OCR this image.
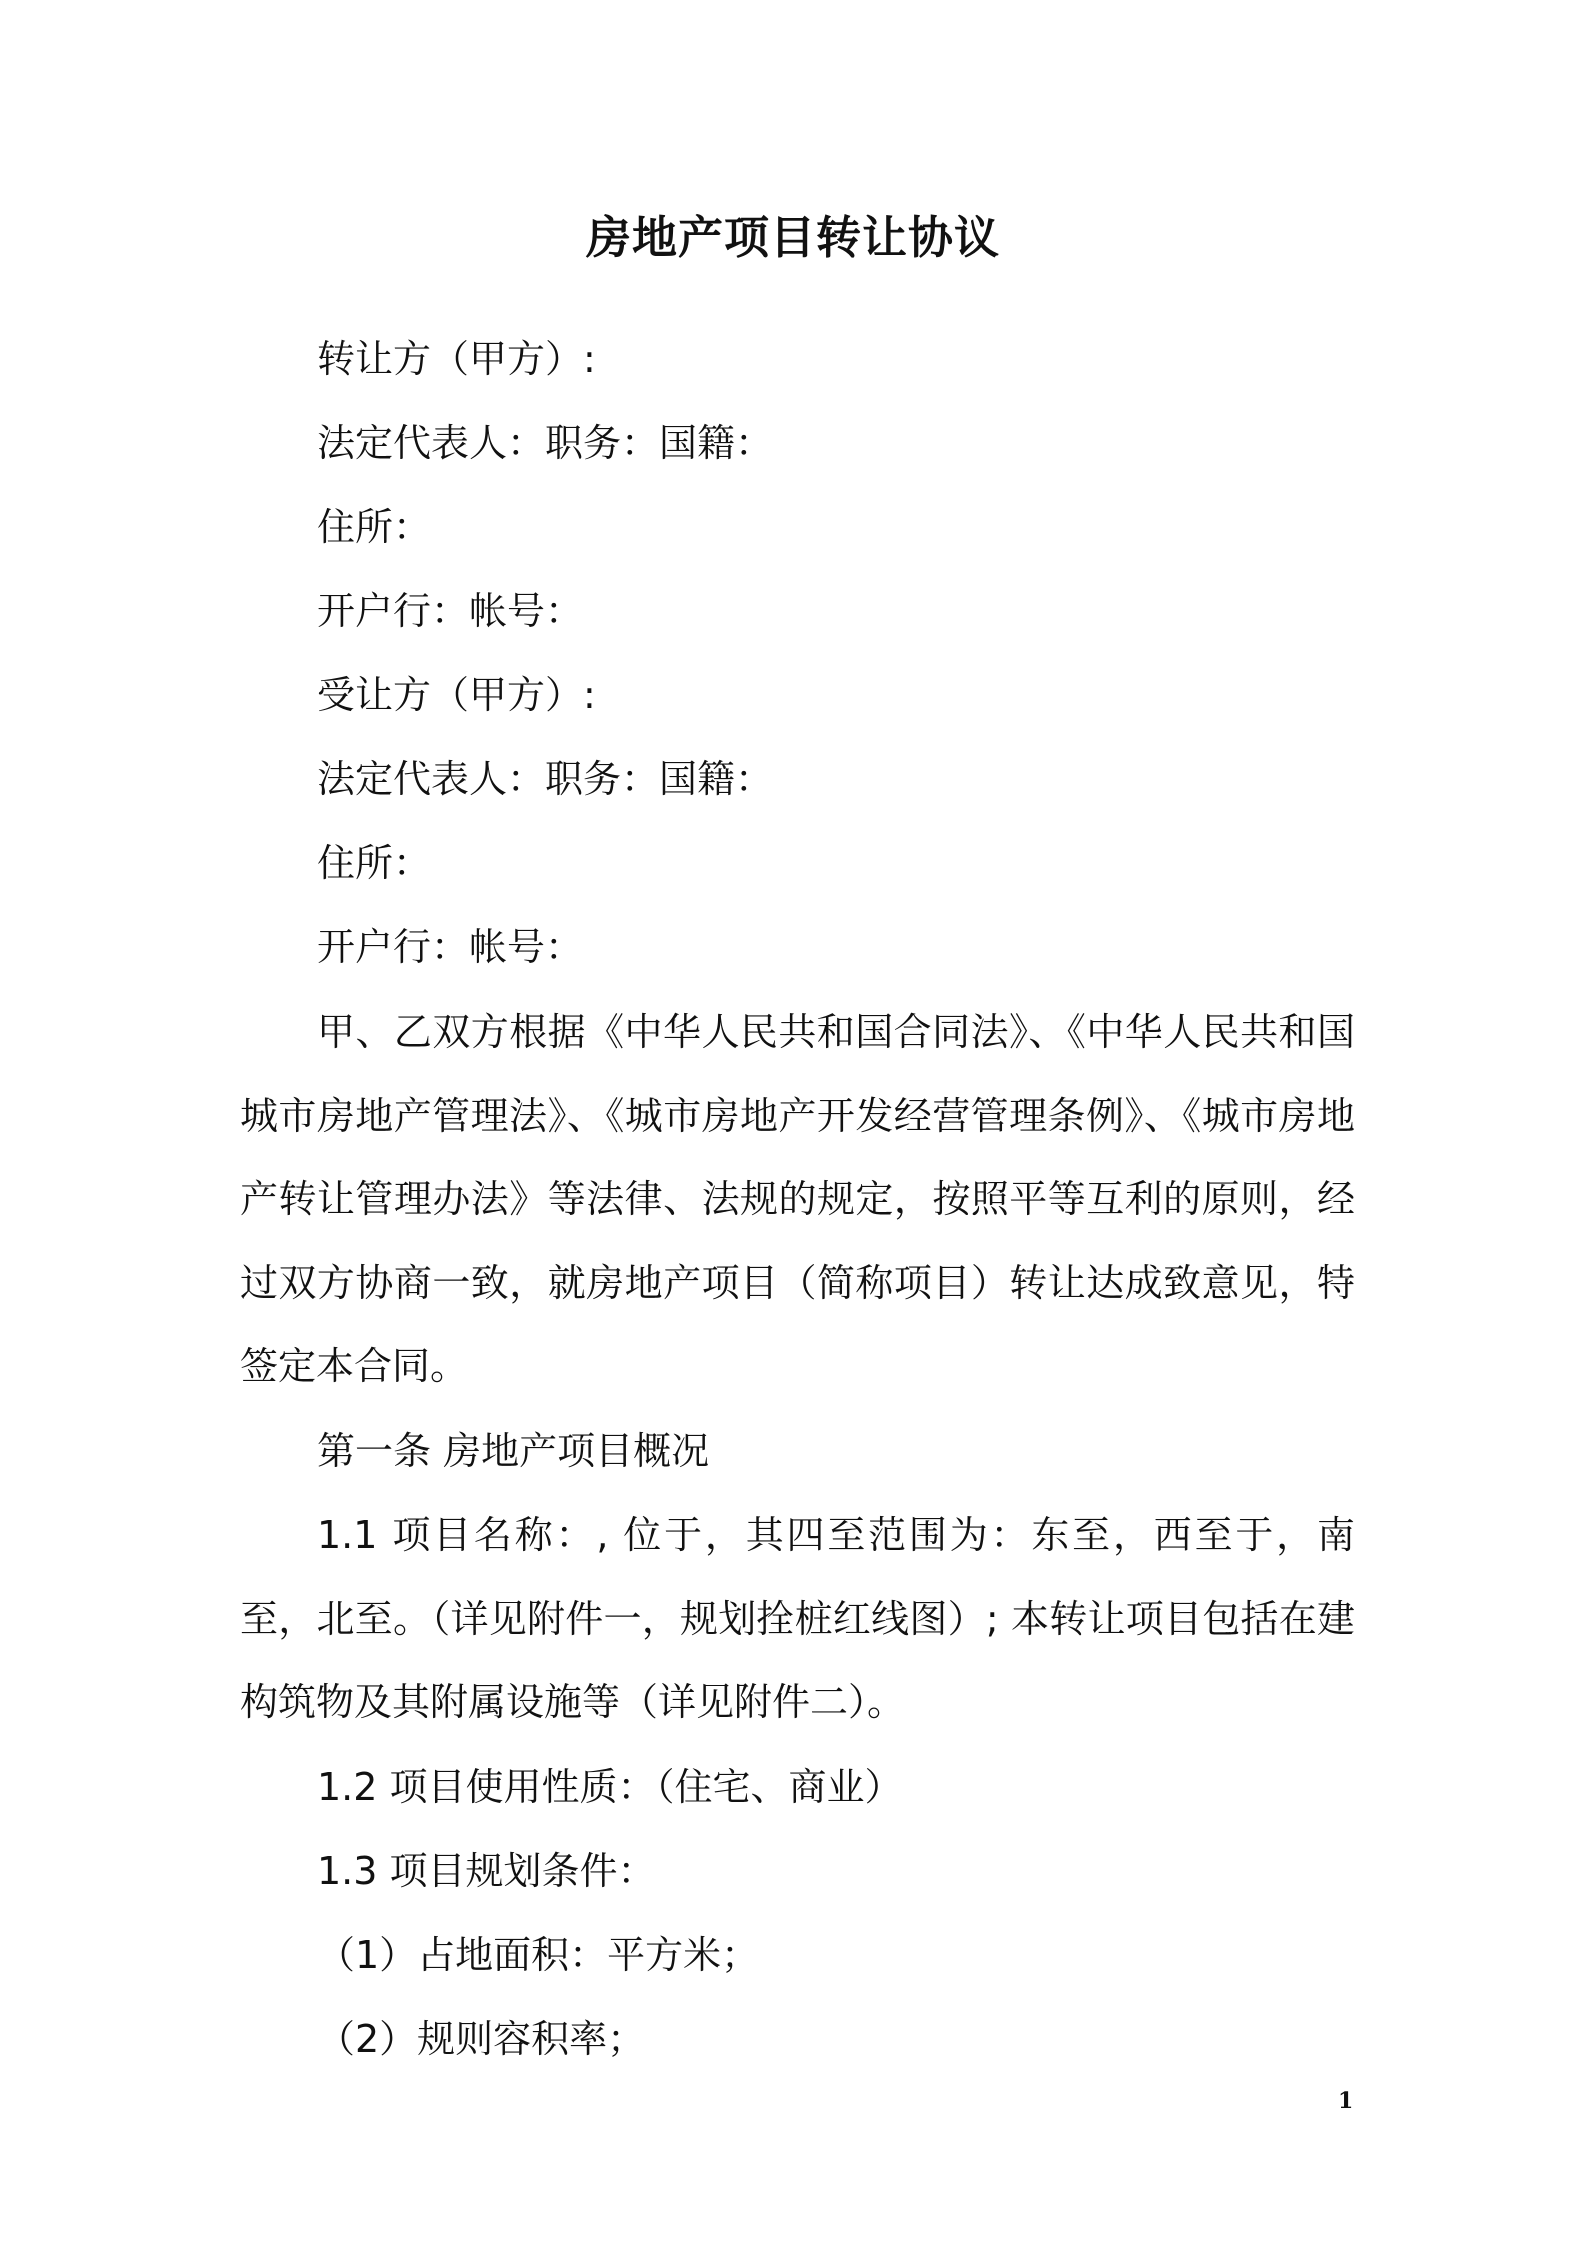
房地产项目转让协议
转让方（甲方）:
法定代表人：职务：国籍：
住所：
开户行：帐号：
受让方（甲方）:
法定代表人：职务：国籍：
住所：
开户行：帐号：

甲、乙双方根据《中华人民共和国合同法》、《中华人民共和国城市房地产管理法》、《城市房地产开发经营管理条例》、《城市房地产转让管理办法》等法律、法规的规定，按照平等互利的原则，经过双方协商一致，就房地产项目（简称项目）转让达成致意见，特签定本合同。

第一条 房地产项目概况

1.1 项目名称：, 位于，其四至范围为：东至，西至于，南至，北至。（详见附件一，规划拴桩红线图）; 本转让项目包括在建构筑物及其附属设施等（详见附件二）。

1.2 项目使用性质：（住宅、商业）
1.3 项目规划条件：
（1）占地面积：平方米；
（2）规则容积率；
1
